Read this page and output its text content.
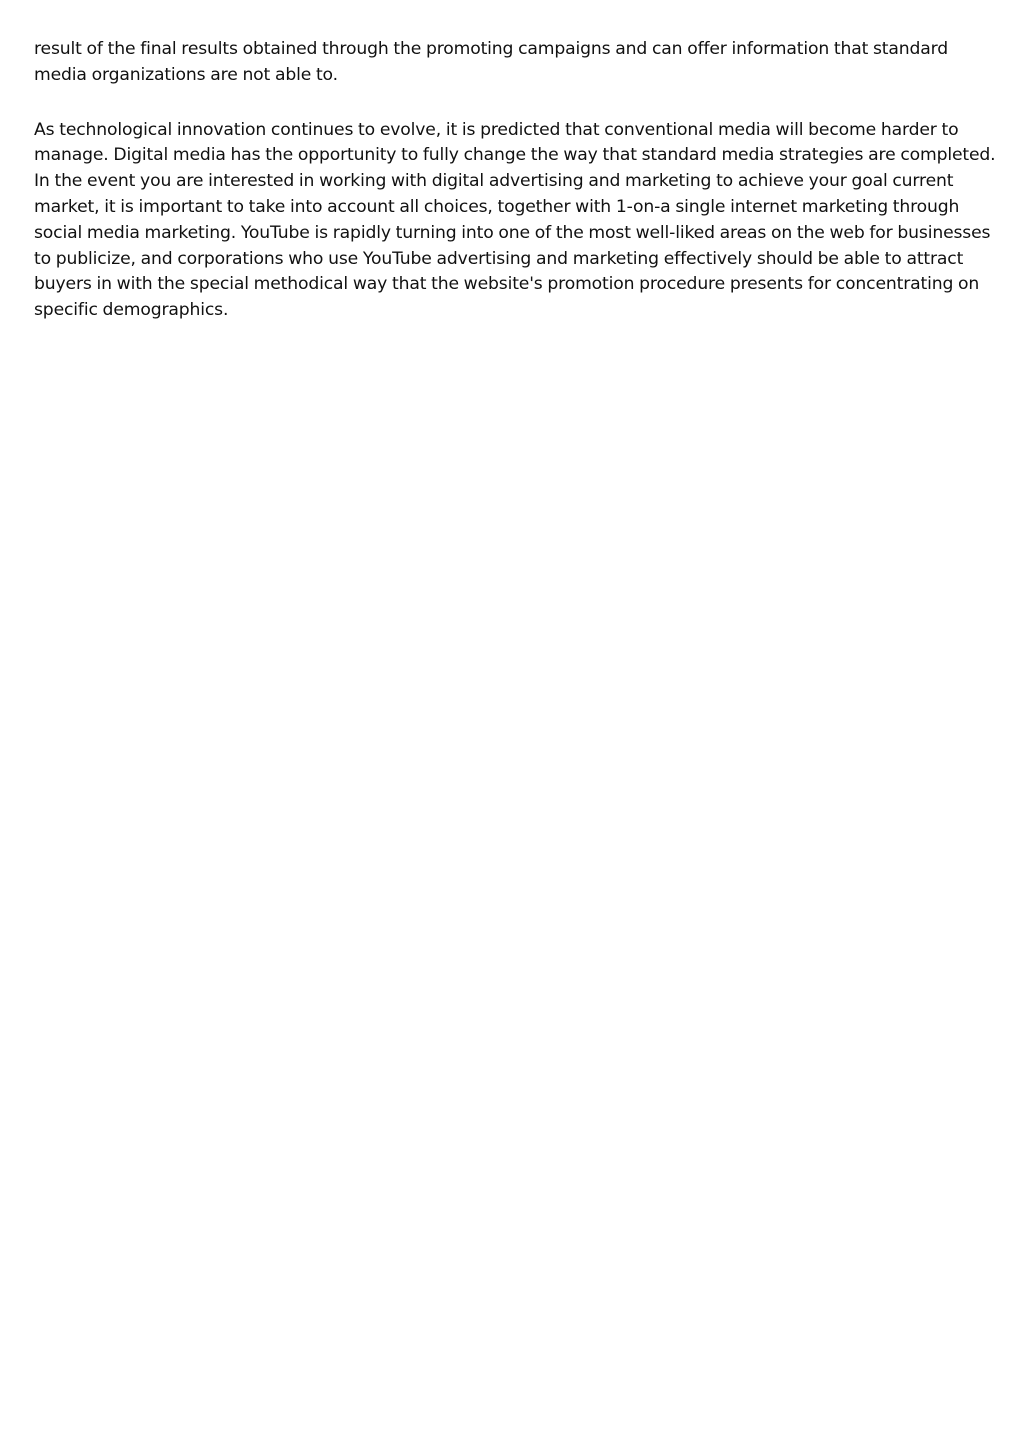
result of the final results obtained through the promoting campaigns and can offer information that standard media organizations are not able to.

As technological innovation continues to evolve, it is predicted that conventional media will become harder to manage. Digital media has the opportunity to fully change the way that standard media strategies are completed. In the event you are interested in working with digital advertising and marketing to achieve your goal current market, it is important to take into account all choices, together with 1-on-a single internet marketing through social media marketing. YouTube is rapidly turning into one of the most well-liked areas on the web for businesses to publicize, and corporations who use YouTube advertising and marketing effectively should be able to attract buyers in with the special methodical way that the website's promotion procedure presents for concentrating on specific demographics.
